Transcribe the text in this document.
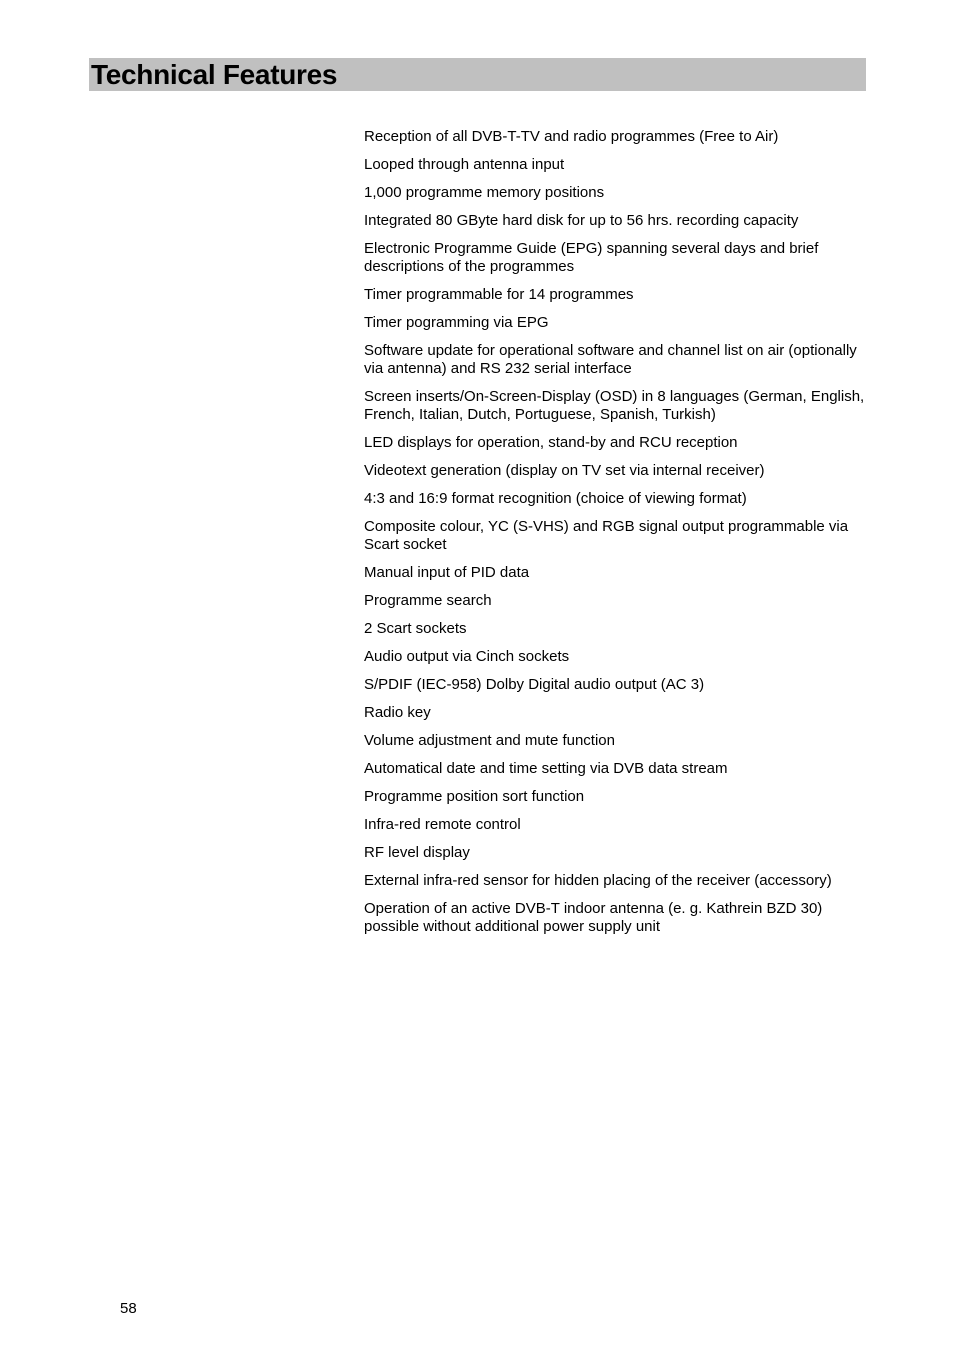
Technical Features
Reception of all DVB-T-TV and radio programmes (Free to Air)
Looped through antenna input
1,000 programme memory positions
Integrated 80 GByte hard disk for up to 56 hrs. recording capacity
Electronic Programme Guide (EPG) spanning several days and brief descriptions of the programmes
Timer programmable for 14 programmes
Timer pogramming via EPG
Software update for operational software and channel list on air (optionally via antenna) and RS 232 serial interface
Screen inserts/On-Screen-Display (OSD) in 8 languages (German, English, French, Italian, Dutch, Portuguese, Spanish, Turkish)
LED displays for operation, stand-by and RCU reception
Videotext generation (display on TV set via internal receiver)
4:3 and 16:9 format recognition (choice of viewing format)
Composite colour, YC (S-VHS) and RGB signal output programmable via Scart socket
Manual input of PID data
Programme search
2 Scart sockets
Audio output via Cinch sockets
S/PDIF (IEC-958) Dolby Digital audio output (AC 3)
Radio key
Volume adjustment and mute function
Automatical date and time setting via DVB data stream
Programme position sort function
Infra-red remote control
RF level display
External infra-red sensor for hidden placing of the receiver (accessory)
Operation of an active DVB-T indoor antenna (e. g. Kathrein BZD 30) possible without additional power supply unit
58
